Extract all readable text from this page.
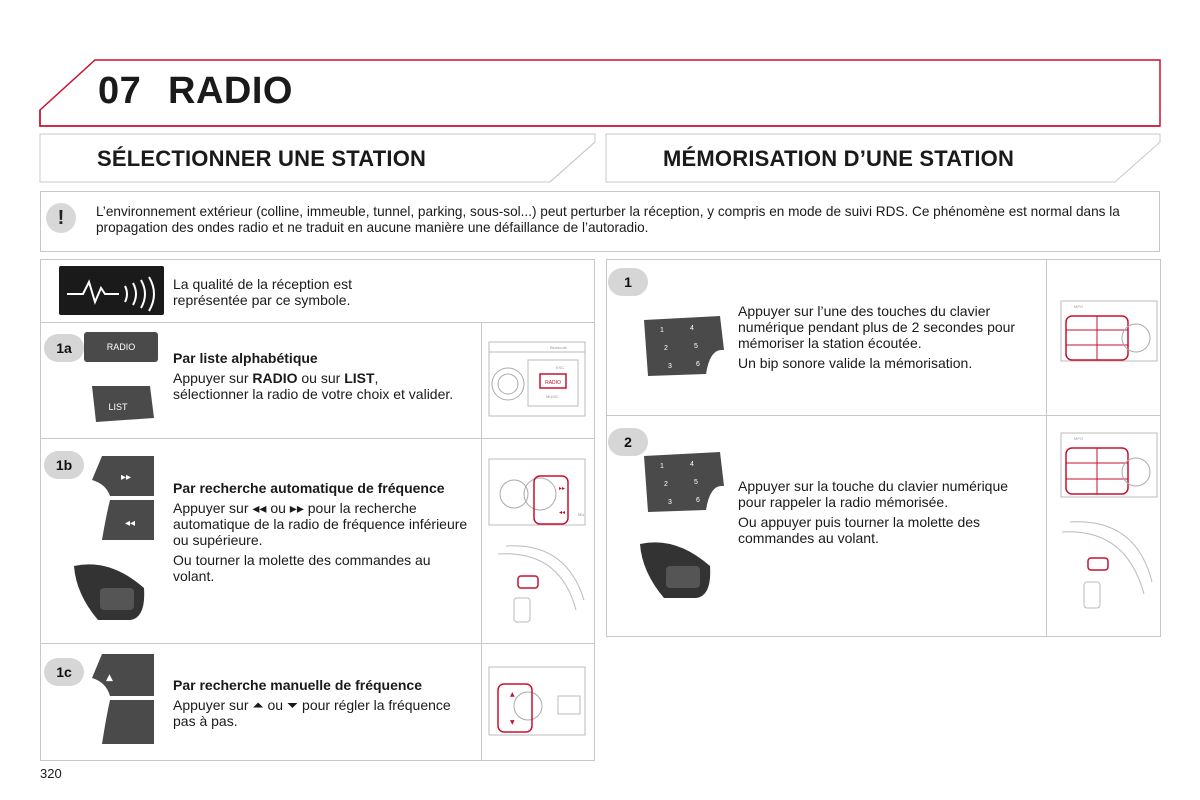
07 RADIO
SÉLECTIONNER UNE STATION	MÉMORISATION D’UNE STATION
!	L’environnement extérieur (colline, immeuble, tunnel, parking, sous-sol...) peut perturber la réception, y compris en mode de suivi RDS. Ce phénomène est normal dans la propagation des ondes radio et ne traduit en aucune manière une défaillance de l’autoradio.
La qualité de la réception est
représentée par ce symbole.
1a	RADIO
LIST

Par liste alphabétique

Appuyer sur RADIO ou sur LIST,
sélectionner la radio de votre choix et valider.
RADIO
ESC
MUSIC
Bluetooth
1b
▸▸
◂◂

Par recherche automatique de fréquence

Appuyer sur ◂◂ ou ▸▸ pour la recherche automatique de la radio de fréquence inférieure ou supérieure.

Ou tourner la molette des commandes au volant.

▸▸
◂◂	MU
1c	▲
▼

Par recherche manuelle de fréquence

Appuyer sur ⏶ ou ⏷ pour régler la fréquence pas à pas.
▲
▼
1
1	4
2	5
3	6

Appuyer sur l’une des touches du clavier numérique pendant plus de 2 secondes pour mémoriser la station écoutée.

Un bip sonore valide la mémorisation.

MPO
2
1	4
2	5
3	6

Appuyer sur la touche du clavier numérique pour rappeler la radio mémorisée.

Ou appuyer puis tourner la molette des commandes au volant.

MPO
320
